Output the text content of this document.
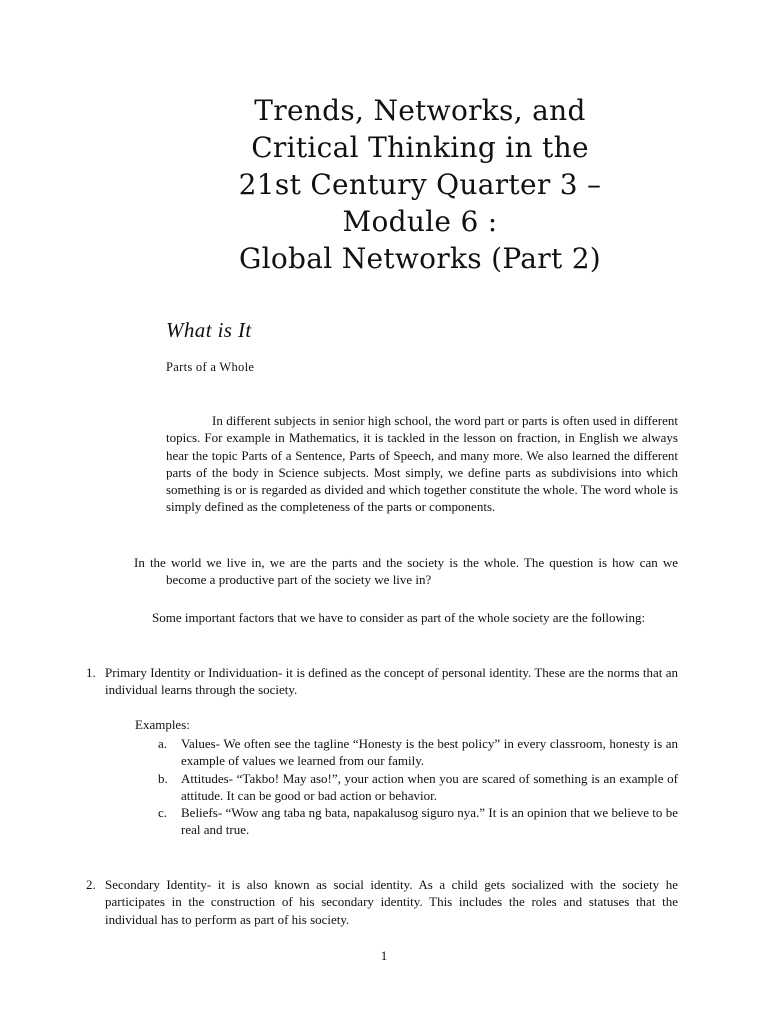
Trends, Networks, and
Critical Thinking in the
21st Century Quarter 3 –
Module 6 :
Global Networks (Part 2)
What is It
Parts of a Whole

In different subjects in senior high school, the word part or parts is often used in different topics. For example in Mathematics, it is tackled in the lesson on fraction, in English we always hear the topic Parts of a Sentence, Parts of Speech, and many more. We also learned the different parts of the body in Science subjects. Most simply, we define parts as subdivisions into which something is or is regarded as divided and which together constitute the whole. The word whole is simply defined as the completeness of the parts or components.

In the world we live in, we are the parts and the society is the whole. The question is how can we become a productive part of the society we live in?

Some important factors that we have to consider as part of the whole society are the following:

1. Primary Identity or Individuation- it is defined as the concept of personal identity. These are the norms that an individual learns through the society.
Examples:
a. Values- We often see the tagline “Honesty is the best policy” in every classroom, honesty is an example of values we learned from our family.
b. Attitudes- “Takbo! May aso!”, your action when you are scared of something is an example of attitude. It can be good or bad action or behavior.
c. Beliefs- “Wow ang taba ng bata, napakalusog siguro nya.” It is an opinion that we believe to be real and true.
2. Secondary Identity- it is also known as social identity. As a child gets socialized with the society he participates in the construction of his secondary identity. This includes the roles and statuses that the individual has to perform as part of his society.
1
